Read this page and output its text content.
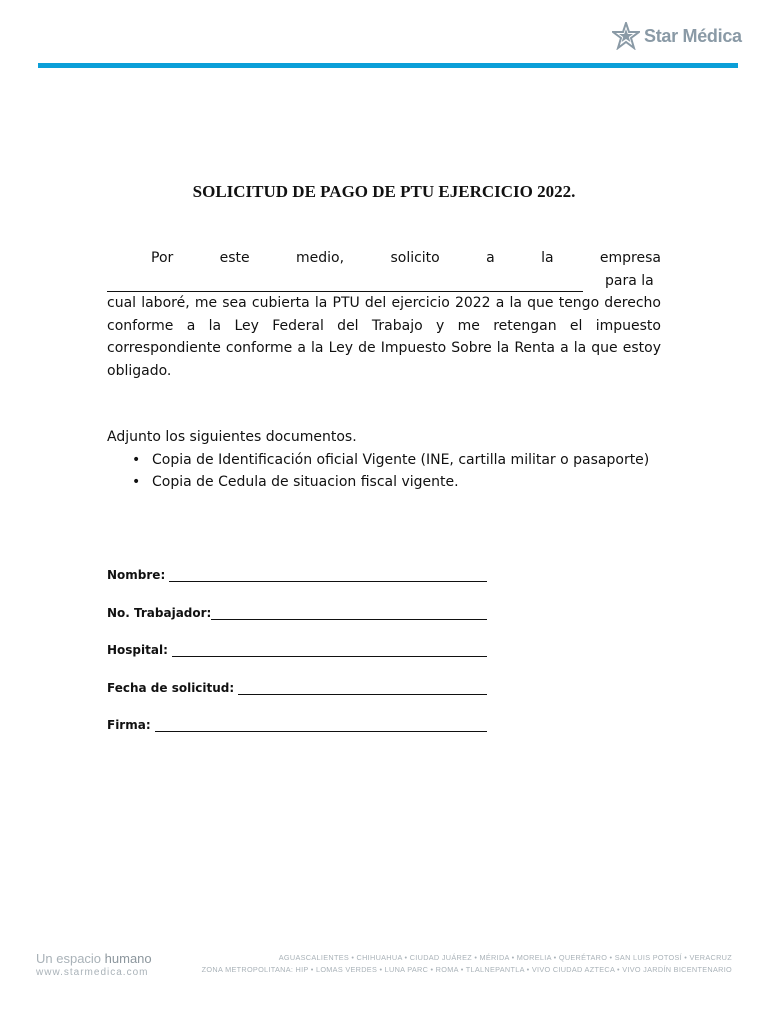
Star Médica
SOLICITUD DE PAGO DE PTU EJERCICIO 2022.
Por	este	medio,	solicito	a	la	empresa
para la
cual laboré, me sea cubierta la PTU del ejercicio 2022 a la que tengo derecho
conforme a la Ley Federal del Trabajo y me retengan el impuesto
correspondiente conforme a la Ley de Impuesto Sobre la Renta a la que estoy
obligado.
Adjunto los siguientes documentos.
• Copia de Identificación oficial Vigente (INE, cartilla militar o pasaporte)
• Copia de Cedula de situacion fiscal vigente.
Nombre:
No. Trabajador:
Hospital:
Fecha de solicitud:
Firma:
Un espacio humano
www.starmedica.com
AGUASCALIENTES • CHIHUAHUA • CIUDAD JUÁREZ • MÉRIDA • MORELIA • QUERÉTARO • SAN LUIS POTOSÍ • VERACRUZ
ZONA METROPOLITANA: HIP • LOMAS VERDES • LUNA PARC • ROMA • TLALNEPANTLA • VIVO CIUDAD AZTECA • VIVO JARDÍN BICENTENARIO
